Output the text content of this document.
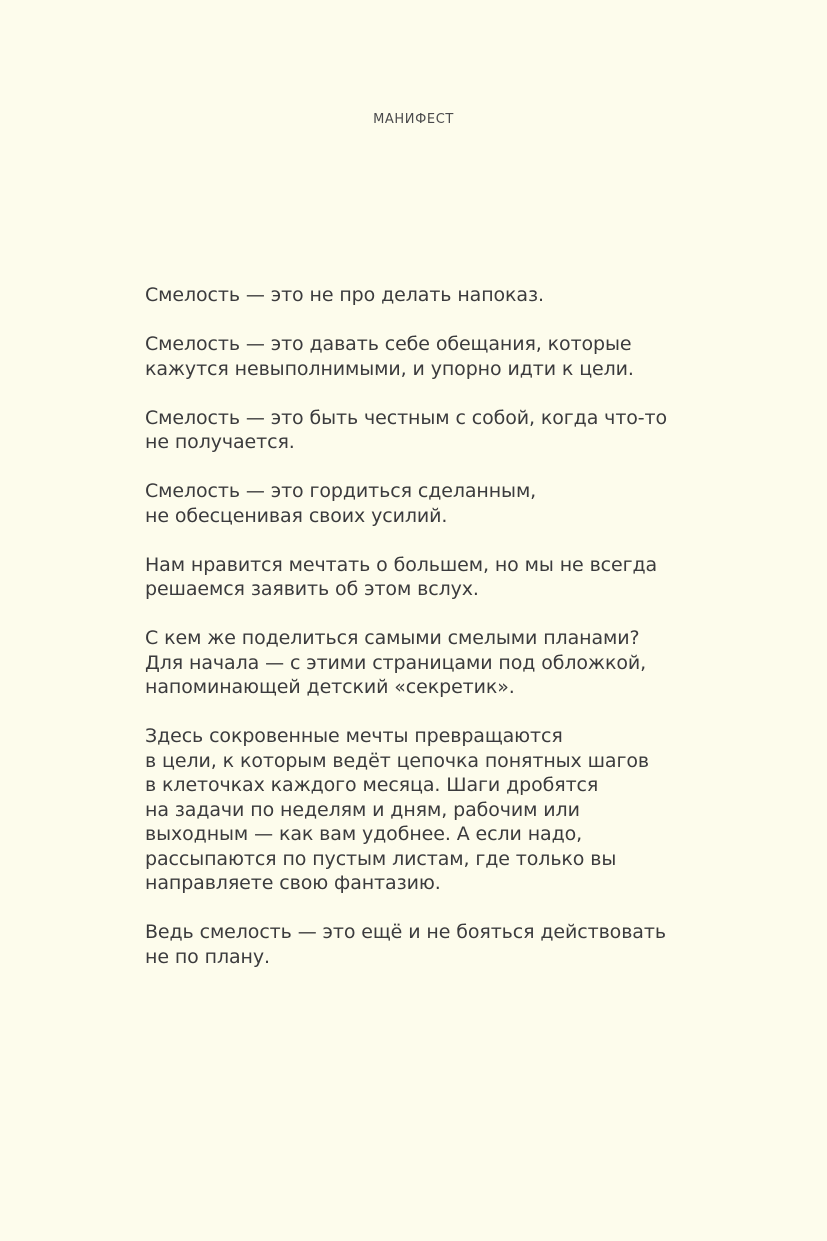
МАНИФЕСТ

Смелость — это не про делать напоказ.

Смелость — это давать себе обещания, которые
кажутся невыполнимыми, и упорно идти к цели.

Смелость — это быть честным с собой, когда что-то
не получается.

Смелость — это гордиться сделанным,
не обесценивая своих усилий.

Нам нравится мечтать о большем, но мы не всегда
решаемся заявить об этом вслух.

С кем же поделиться самыми смелыми планами?
Для начала — с этими страницами под обложкой,
напоминающей детский «секретик».

Здесь сокровенные мечты превращаются
в цели, к которым ведёт цепочка понятных шагов
в клеточках каждого месяца. Шаги дробятся
на задачи по неделям и дням, рабочим или
выходным — как вам удобнее. А если надо,
рассыпаются по пустым листам, где только вы
направляете свою фантазию.

Ведь смелость — это ещё и не бояться действовать
не по плану.
